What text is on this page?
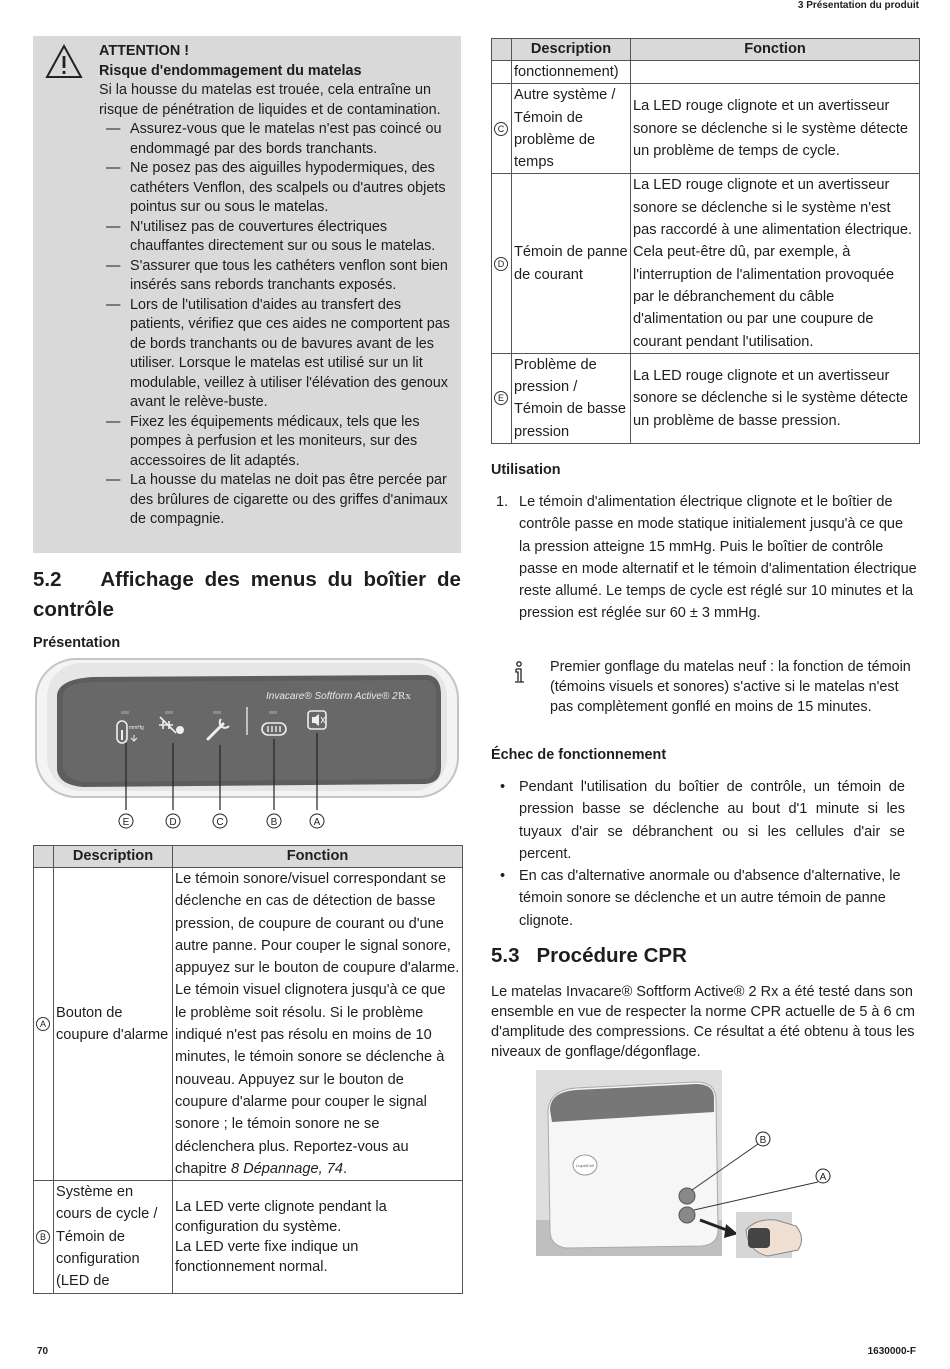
3 Présentation du produit
ATTENTION !
Risque d'endommagement du matelas
Si la housse du matelas est trouée, cela entraîne un risque de pénétration de liquides et de contamination.
— Assurez-vous que le matelas n'est pas coincé ou endommagé par des bords tranchants.
— Ne posez pas des aiguilles hypodermiques, des cathéters Venflon, des scalpels ou d'autres objets pointus sur ou sous le matelas.
— N'utilisez pas de couvertures électriques chauffantes directement sur ou sous le matelas.
— S'assurer que tous les cathéters venflon sont bien insérés sans rebords tranchants exposés.
— Lors de l'utilisation d'aides au transfert des patients, vérifiez que ces aides ne comportent pas de bords tranchants ou de bavures avant de les utiliser. Lorsque le matelas est utilisé sur un lit modulable, veillez à utiliser l'élévation des genoux avant le relève-buste.
— Fixez les équipements médicaux, tels que les pompes à perfusion et les moniteurs, sur des accessoires de lit adaptés.
— La housse du matelas ne doit pas être percée par des brûlures de cigarette ou des griffes d'animaux de compagnie.
5.2 Affichage des menus du boîtier de
contrôle
Présentation
Invacare® Softform Active® 2 Rx
mmHg
E	D	C	B	A
	Description	Fonction
A	Bouton de coupure d'alarme	Le témoin sonore/visuel correspondant se déclenche en cas de détection de basse pression, de coupure de courant ou d'une autre panne. Pour couper le signal sonore, appuyez sur le bouton de coupure d'alarme. Le témoin visuel clignotera jusqu'à ce que le problème soit résolu. Si le problème indiqué n'est pas résolu en moins de 10 minutes, le témoin sonore se déclenche à nouveau. Appuyez sur le bouton de coupure d'alarme pour couper le signal sonore ; le témoin sonore ne se déclenchera plus. Reportez-vous au chapitre 8 Dépannage, 74.
B	Système en cours de cycle / Témoin de configuration (LED de	La LED verte clignote pendant la configuration du système.
La LED verte fixe indique un fonctionnement normal.
	Description	Fonction
	fonctionnement)	
C	Autre système / Témoin de problème de temps	La LED rouge clignote et un avertisseur sonore se déclenche si le système détecte un problème de temps de cycle.
D	Témoin de panne de courant	La LED rouge clignote et un avertisseur sonore se déclenche si le système n'est pas raccordé à une alimentation électrique. Cela peut-être dû, par exemple, à l'interruption de l'alimentation provoquée par le débranchement du câble d'alimentation ou par une coupure de courant pendant l'utilisation.
E	Problème de pression / Témoin de basse pression	La LED rouge clignote et un avertisseur sonore se déclenche si le système détecte un problème de basse pression.
Utilisation
1. Le témoin d'alimentation électrique clignote et le boîtier de contrôle passe en mode statique initialement jusqu'à ce que la pression atteigne 15 mmHg. Puis le boîtier de contrôle passe en mode alternatif et le témoin d'alimentation électrique reste allumé. Le temps de cycle est réglé sur 10 minutes et la pression est réglée sur 60 ± 3 mmHg.
Premier gonflage du matelas neuf : la fonction de témoin (témoins visuels et sonores) s'active si le matelas n'est pas complètement gonflé en moins de 15 minutes.
Échec de fonctionnement
• Pendant l'utilisation du boîtier de contrôle, un témoin de pression basse se déclenche au bout d'1 minute si les tuyaux d'air se débranchent ou si les cellules d'air se percent.
• En cas d'alternative anormale ou d'absence d'alternative, le témoin sonore se déclenche et un autre témoin de panne clignote.
5.3 Procédure CPR
Le matelas Invacare® Softform Active® 2 Rx a été testé dans son ensemble en vue de respecter la norme CPR actuelle de 5 à 6 cm d'amplitude des compressions. Ce résultat a été obtenu à tous les niveaux de gonflage/dégonflage.
LiquidCell
B
A
70	1630000-F
